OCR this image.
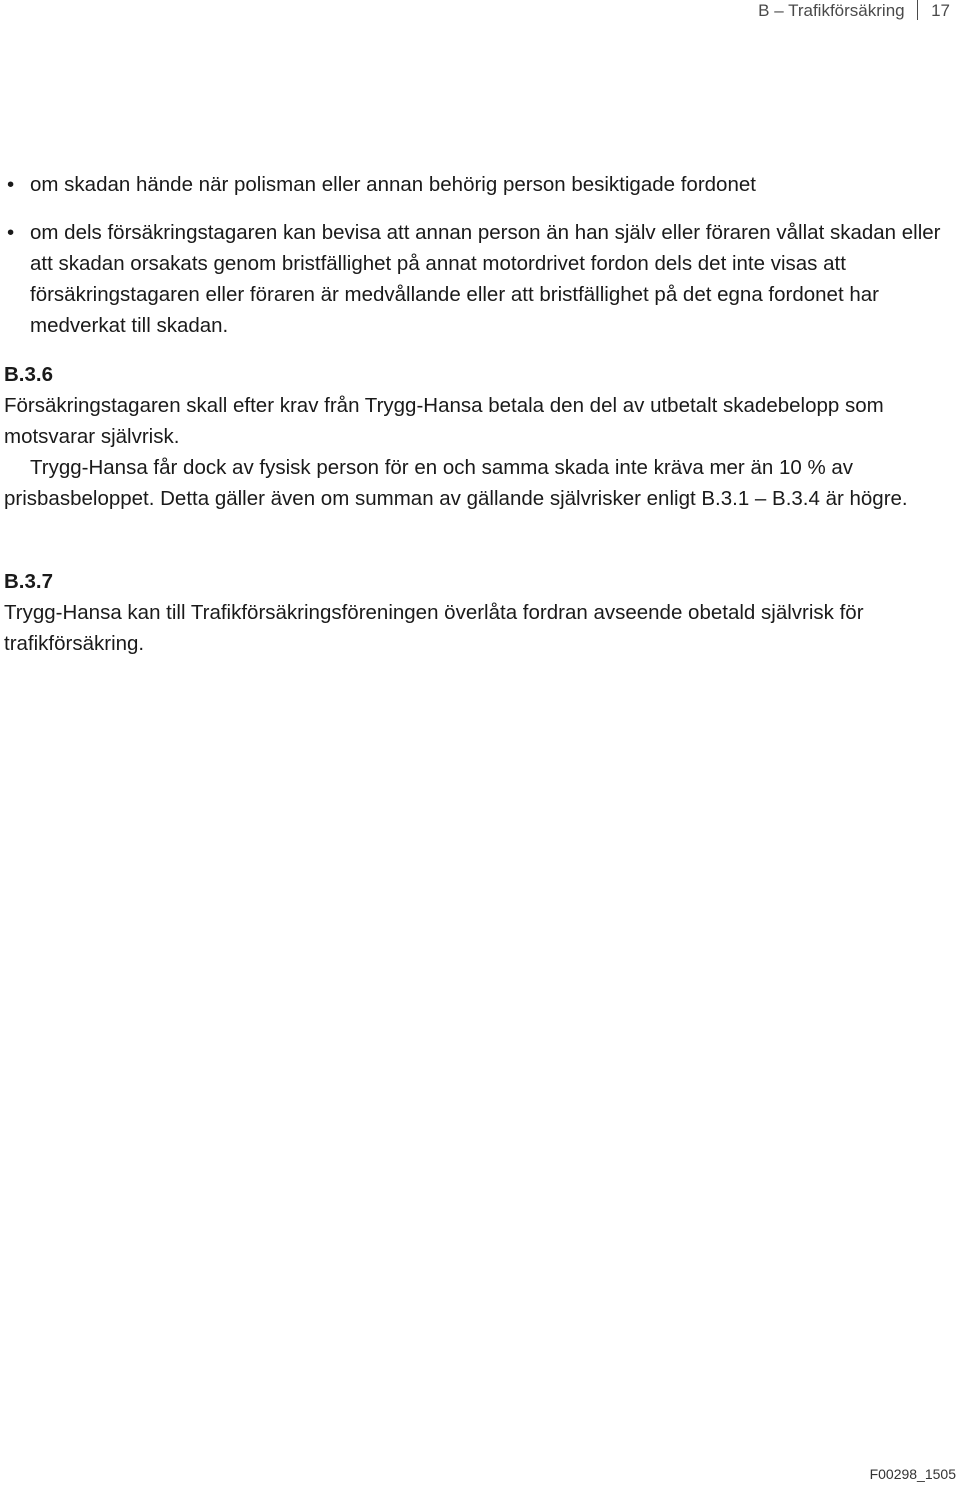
B – Trafikförsäkring 17
• om skadan hände när polisman eller annan behörig person besiktigade fordonet
• om dels försäkringstagaren kan bevisa att annan person än han själv eller föraren vållat skadan eller att skadan orsakats genom bristfällighet på annat motordrivet fordon dels det inte visas att försäkringstagaren eller föraren är medvållande eller att bristfällighet på det egna fordonet har medverkat till skadan.
B.3.6

Försäkringstagaren skall efter krav från Trygg-Hansa betala den del av utbetalt skadebelopp som motsvarar självrisk.

Trygg-Hansa får dock av fysisk person för en och samma skada inte kräva mer än 10 % av prisbasbeloppet. Detta gäller även om summan av gällande självrisker enligt B.3.1 – B.3.4 är högre.

B.3.7

Trygg-Hansa kan till Trafikförsäkringsföreningen överlåta fordran avseende obetald självrisk för trafikförsäkring.

F00298_1505
